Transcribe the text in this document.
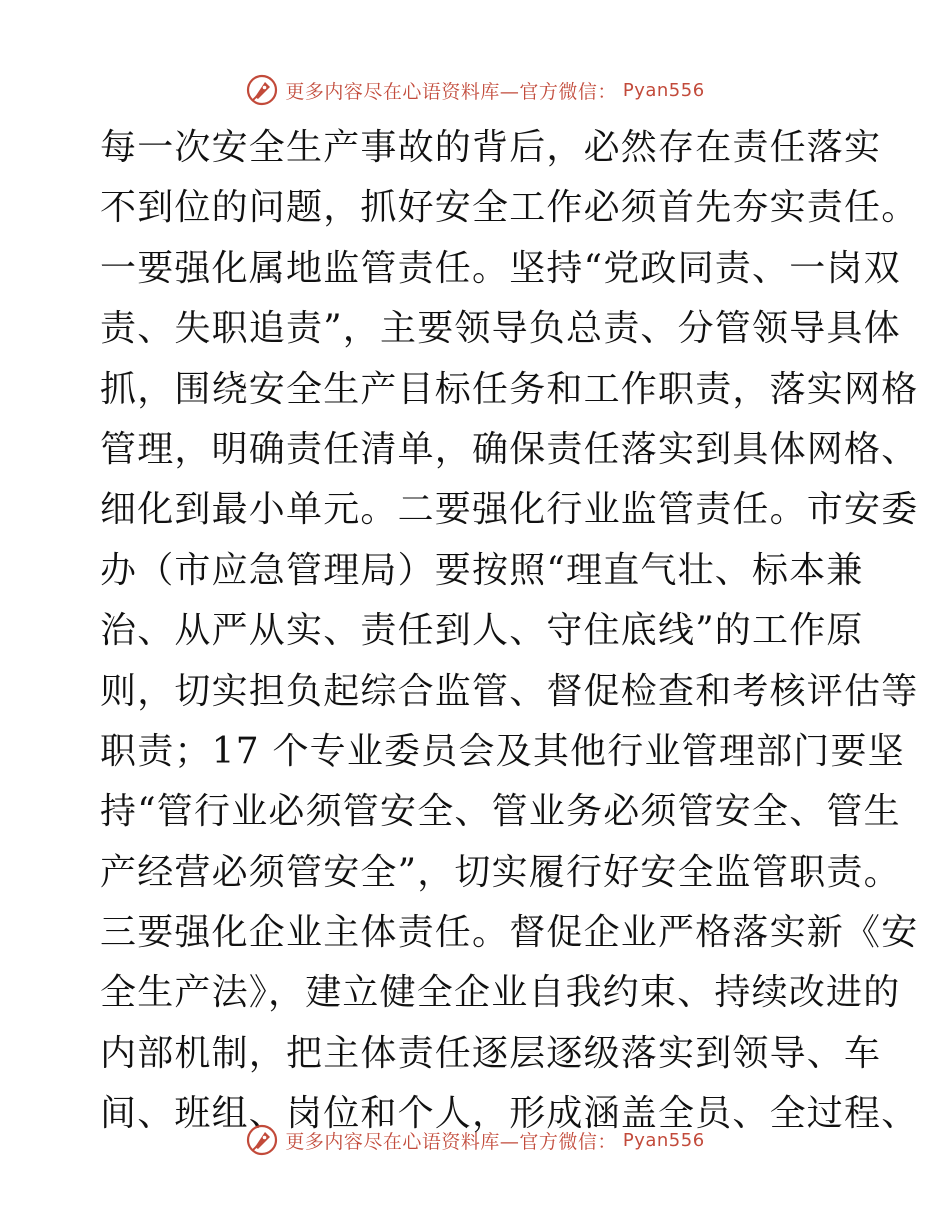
更多内容尽在心语资料库—官方微信： Pyan556
每一次安全生产事故的背后，必然存在责任落实
不到位的问题，抓好安全工作必须首先夯实责任。
一要强化属地监管责任。坚持“党政同责、一岗双
责、失职追责”，主要领导负总责、分管领导具体
抓，围绕安全生产目标任务和工作职责，落实网格
管理，明确责任清单，确保责任落实到具体网格、
细化到最小单元。二要强化行业监管责任。市安委
办（市应急管理局）要按照“理直气壮、标本兼
治、从严从实、责任到人、守住底线”的工作原
则，切实担负起综合监管、督促检查和考核评估等
职责；17 个专业委员会及其他行业管理部门要坚
持“管行业必须管安全、管业务必须管安全、管生
产经营必须管安全”，切实履行好安全监管职责。
三要强化企业主体责任。督促企业严格落实新《安
全生产法》，建立健全企业自我约束、持续改进的
内部机制，把主体责任逐层逐级落实到领导、车
间、班组、岗位和个人，形成涵盖全员、全过程、
更多内容尽在心语资料库—官方微信： Pyan556
